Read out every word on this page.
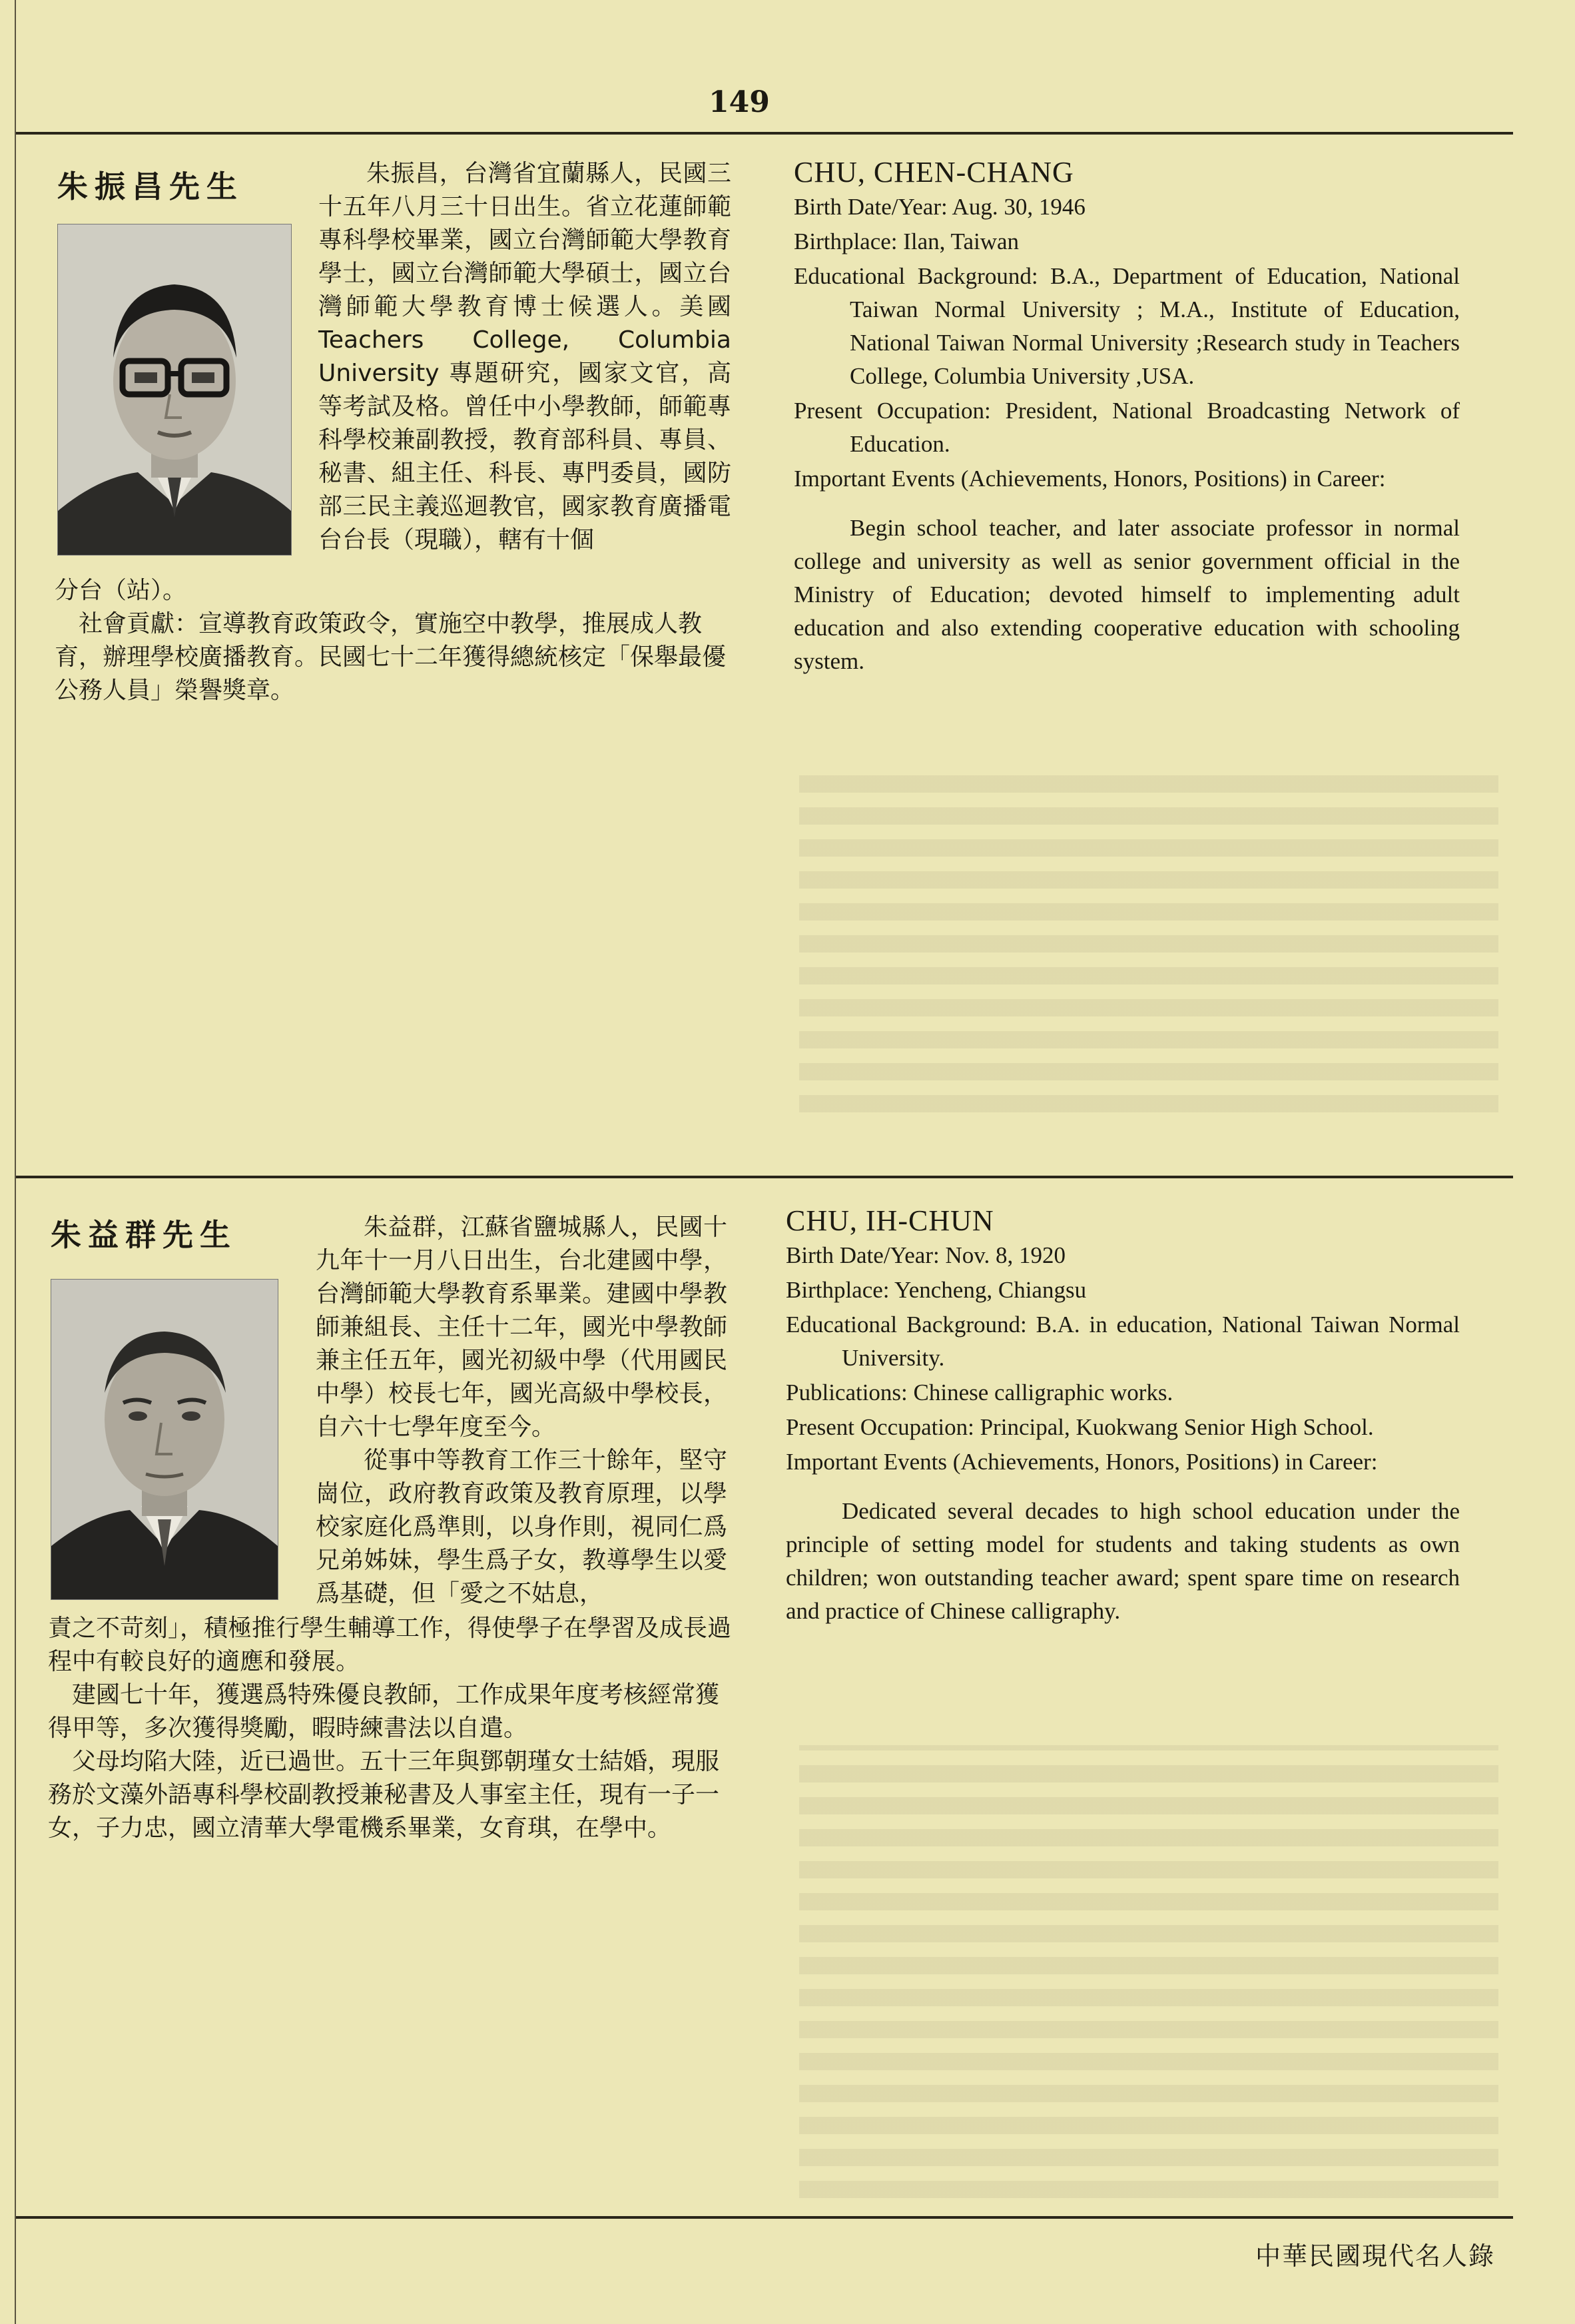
149
朱振昌先生	朱振昌，台灣省宜蘭縣人，民國三十五年八月三十日出生。省立花蓮師範專科學校畢業，國立台灣師範大學教育學士，國立台灣師範大學碩士，國立台灣師範大學教育博士候選人。美國 Teachers College, Columbia University 專題研究，國家文官，高等考試及格。曾任中小學教師，師範專科學校兼副教授，教育部科員、專員、秘書、組主任、科長、專門委員，國防部三民主義巡迴教官，國家教育廣播電台台長（現職），轄有十個

分台（站）。

社會貢獻：宣導教育政策政令，實施空中教學，推展成人教育，辦理學校廣播教育。民國七十二年獲得總統核定「保舉最優公務人員」榮譽獎章。

CHU, CHEN-CHANG
Birth Date/Year: Aug. 30, 1946
Birthplace: Ilan, Taiwan
Educational Background: B.A., Department of Education, National Taiwan Normal University ; M.A., Institute of Education, National Taiwan Normal University ;Research study in Teachers College, Columbia University ,USA.
Present Occupation: President, National Broadcasting Network of Education.
Important Events (Achievements, Honors, Positions) in Career:
Begin school teacher, and later associate professor in normal college and university as well as senior government official in the Ministry of Education; devoted himself to implementing adult education and also extending cooperative education with schooling system.
朱益群先生	朱益群，江蘇省鹽城縣人，民國十九年十一月八日出生，台北建國中學，台灣師範大學教育系畢業。建國中學教師兼組長、主任十二年，國光中學教師兼主任五年，國光初級中學（代用國民中學）校長七年，國光高級中學校長，自六十七學年度至今。

從事中等教育工作三十餘年，堅守崗位，政府教育政策及教育原理，以學校家庭化爲準則，以身作則，視同仁爲兄弟姊妹，學生爲子女，教導學生以愛爲基礎，但「愛之不姑息，

責之不苛刻」，積極推行學生輔導工作，得使學子在學習及成長過程中有較良好的適應和發展。

建國七十年，獲選爲特殊優良教師，工作成果年度考核經常獲得甲等，多次獲得獎勵，暇時練書法以自遣。

父母均陷大陸，近已過世。五十三年與鄧朝瑾女士結婚，現服務於文藻外語專科學校副教授兼秘書及人事室主任，現有一子一女，子力忠，國立清華大學電機系畢業，女育琪，在學中。

CHU, IH-CHUN
Birth Date/Year: Nov. 8, 1920
Birthplace: Yencheng, Chiangsu
Educational Background: B.A. in education, National Taiwan Normal University.
Publications: Chinese calligraphic works.
Present Occupation: Principal, Kuokwang Senior High School.
Important Events (Achievements, Honors, Positions) in Career:
Dedicated several decades to high school education under the principle of setting model for students and taking students as own children; won outstanding teacher award; spent spare time on research and practice of Chinese calligraphy.
中華民國現代名人錄
